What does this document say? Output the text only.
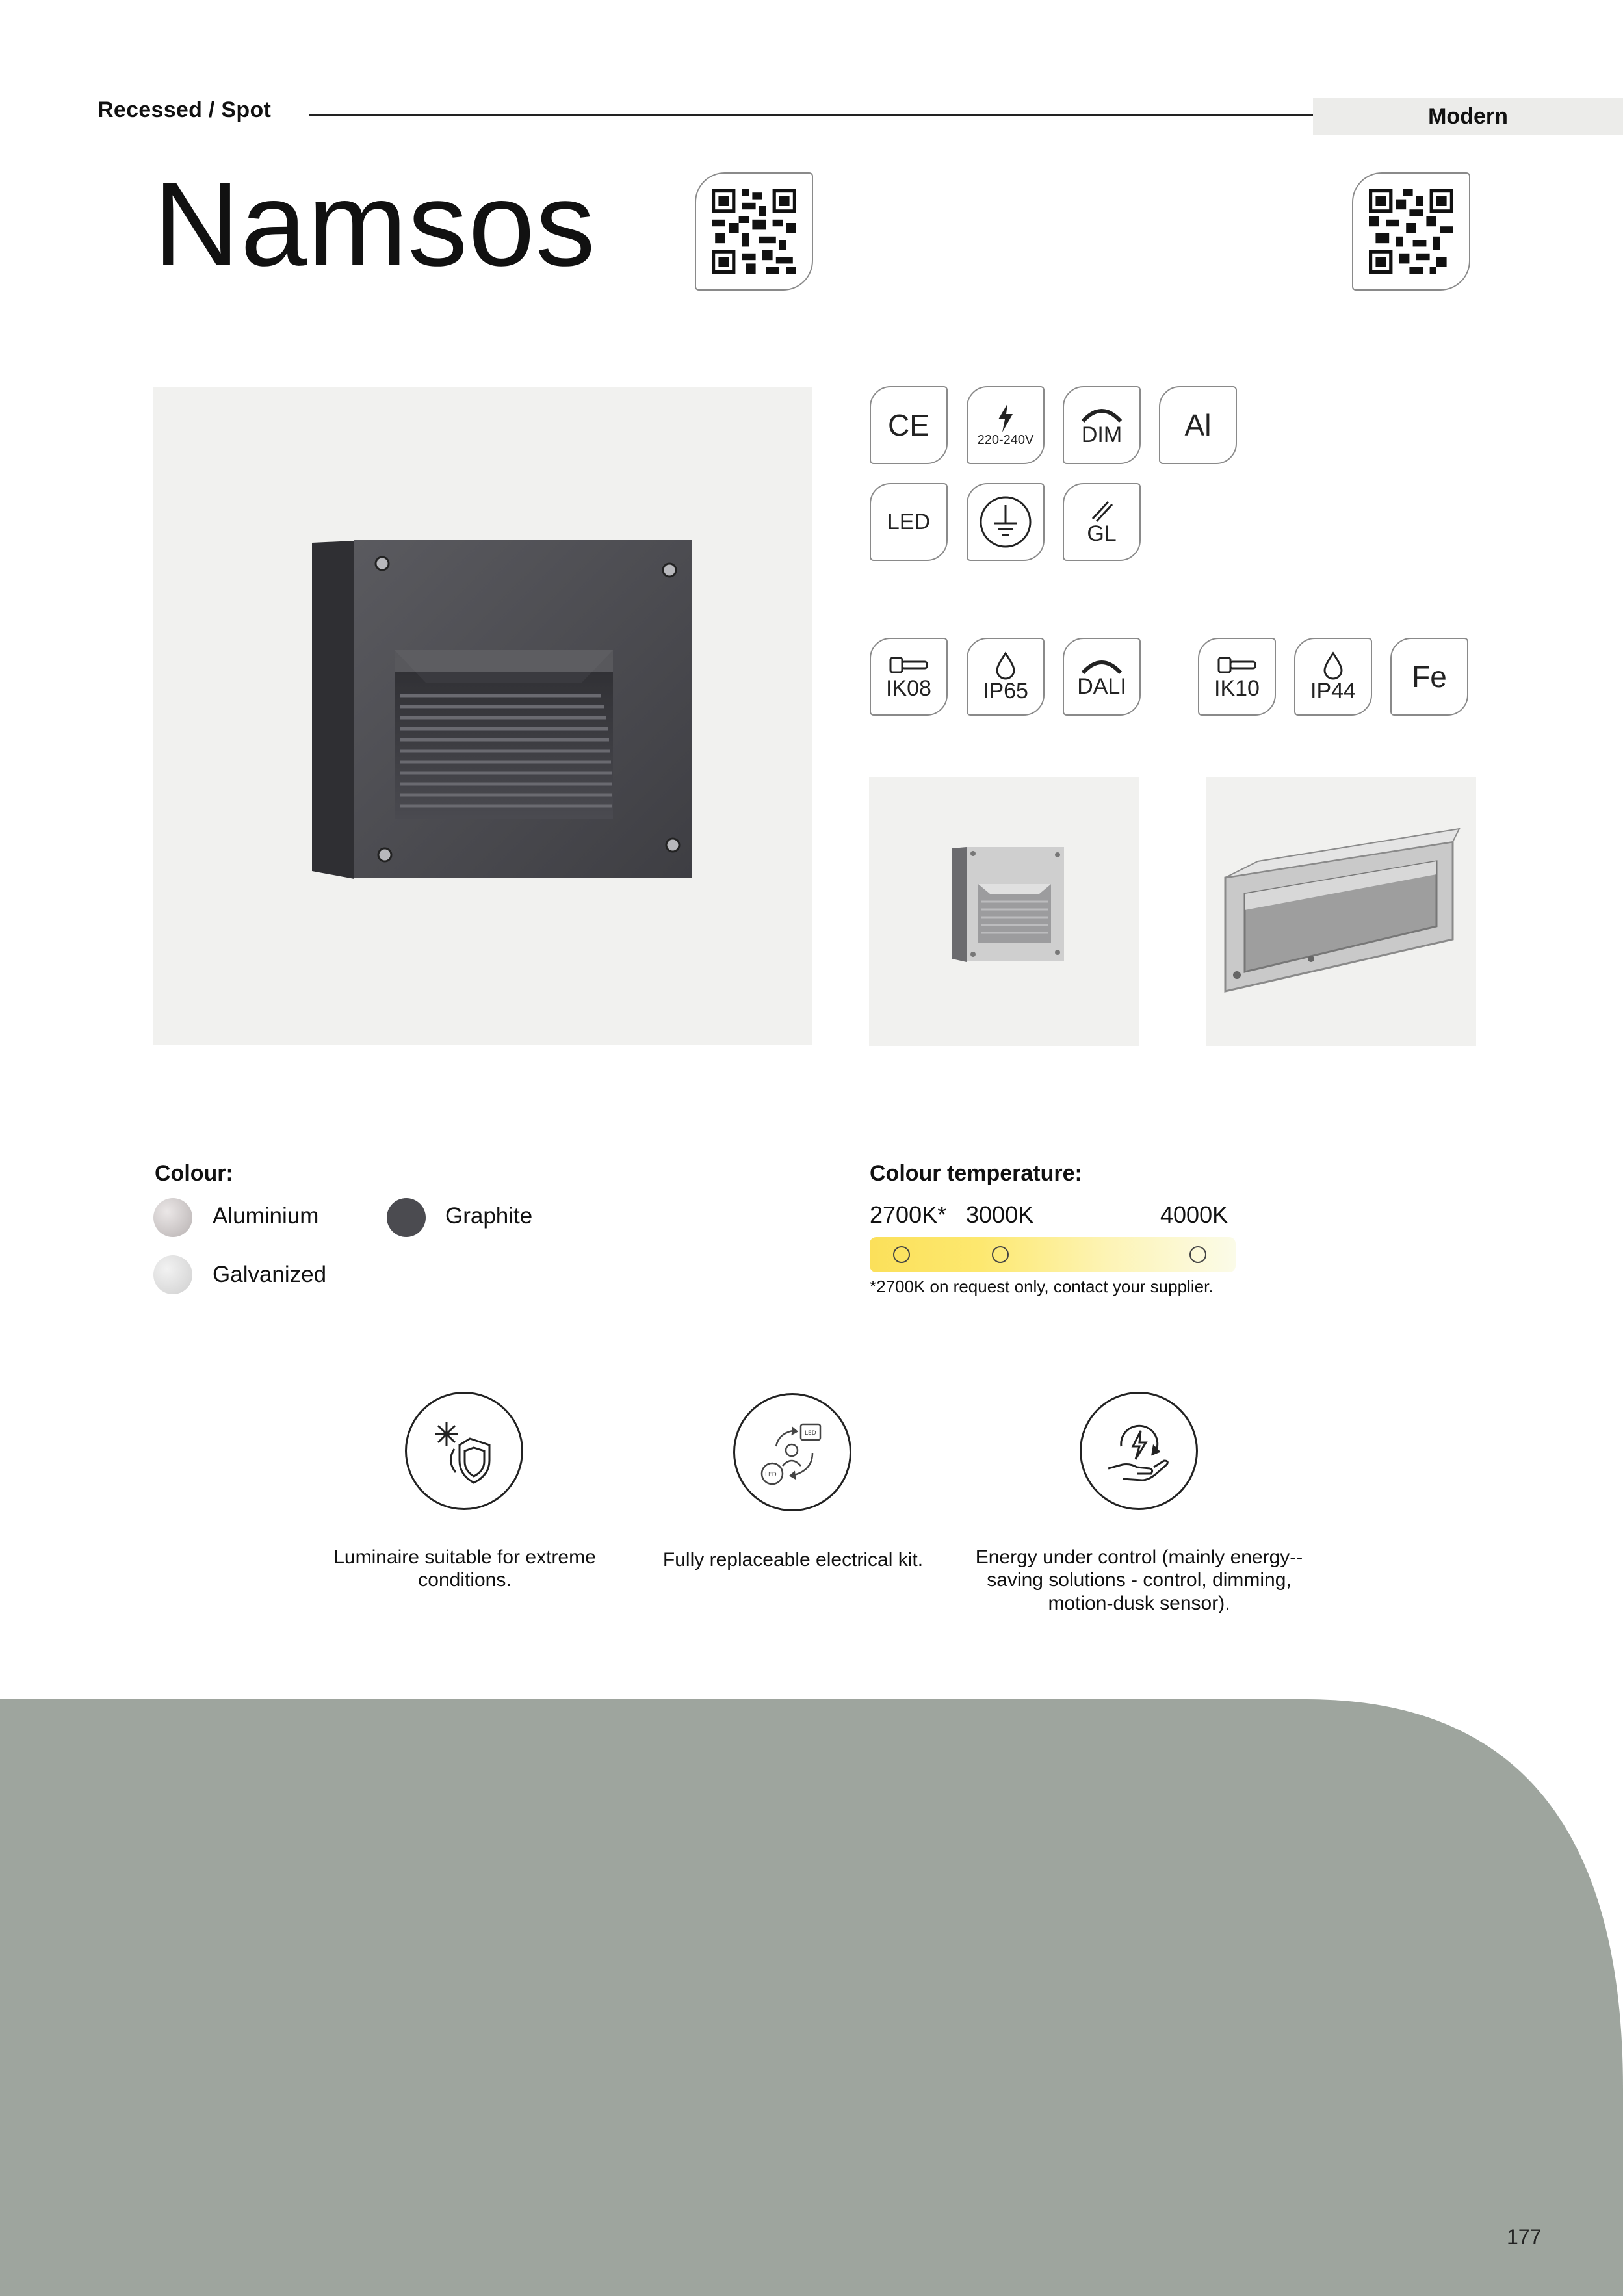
Recessed / Spot	Modern
Namsos
CE	220-240V DIM Al
LED	GL
IK08 IP65 DALI	IK10 IP44 Fe
Colour:
Aluminium	Graphite
Galvanized
Colour temperature:
2700K* 3000K	4000K
*2700K on request only, contact your supplier.
Luminaire suitable for extreme conditions.
LED
LED
Fully replaceable electrical kit.	Energy under control (mainly energy--saving solutions - control, dimming, motion-dusk sensor).
177
